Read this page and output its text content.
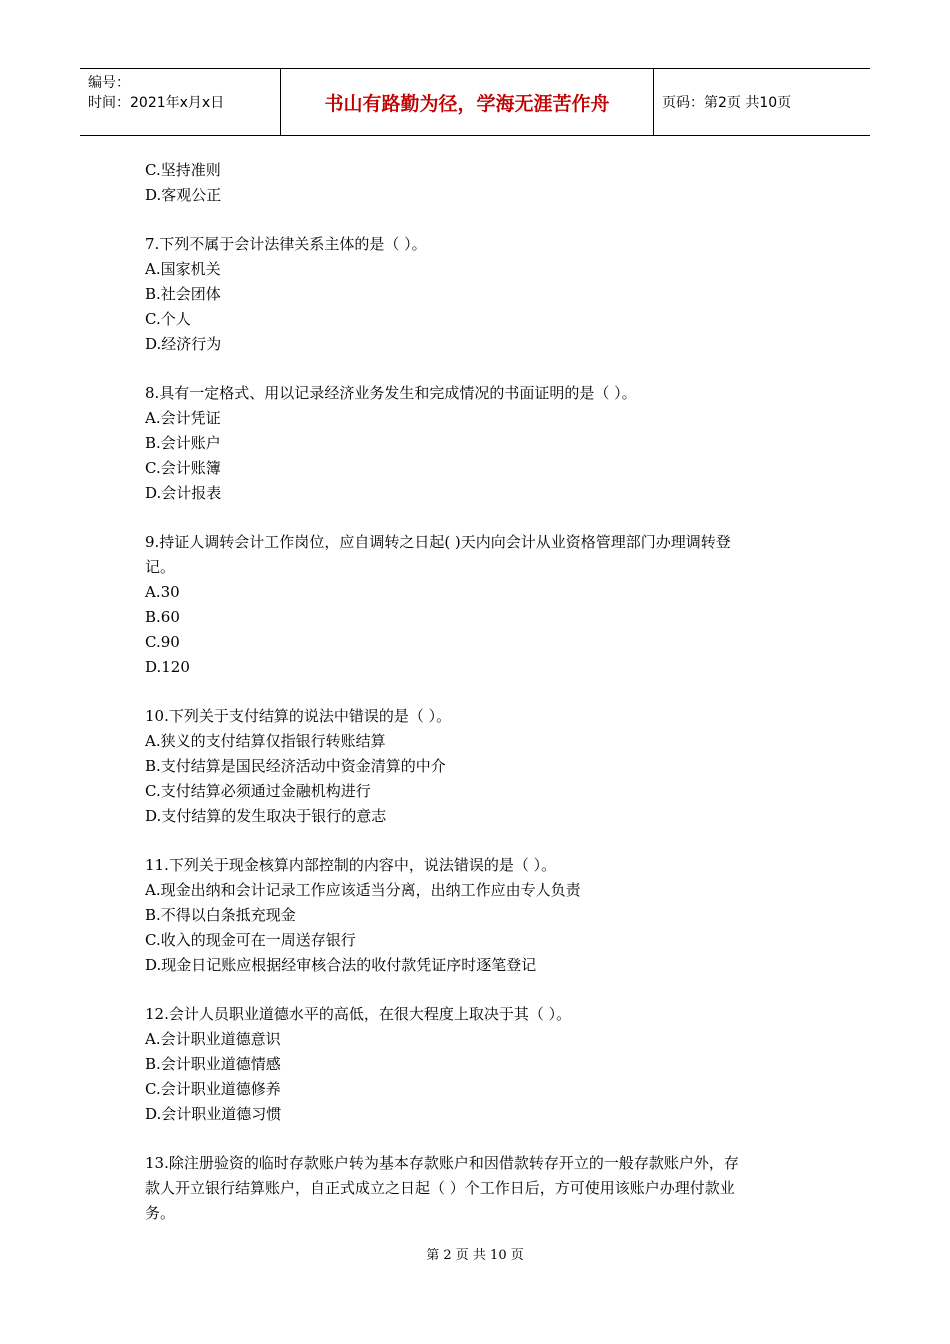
编号：
时间：2021年x月x日	书山有路勤为径，学海无涯苦作舟	页码：第2页 共10页
C.坚持准则
D.客观公正
7.下列不属于会计法律关系主体的是（ ）。
A.国家机关
B.社会团体
C.个人
D.经济行为
8.具有一定格式、用以记录经济业务发生和完成情况的书面证明的是（ ）。
A.会计凭证
B.会计账户
C.会计账簿
D.会计报表
9.持证人调转会计工作岗位，应自调转之日起( )天内向会计从业资格管理部门办理调转登
记。
A.30
B.60
C.90
D.120
10.下列关于支付结算的说法中错误的是（ ）。
A.狭义的支付结算仅指银行转账结算
B.支付结算是国民经济活动中资金清算的中介
C.支付结算必须通过金融机构进行
D.支付结算的发生取决于银行的意志
11.下列关于现金核算内部控制的内容中，说法错误的是（ ）。
A.现金出纳和会计记录工作应该适当分离，出纳工作应由专人负责
B.不得以白条抵充现金
C.收入的现金可在一周送存银行
D.现金日记账应根据经审核合法的收付款凭证序时逐笔登记
12.会计人员职业道德水平的高低，在很大程度上取决于其（ ）。
A.会计职业道德意识
B.会计职业道德情感
C.会计职业道德修养
D.会计职业道德习惯
13.除注册验资的临时存款账户转为基本存款账户和因借款转存开立的一般存款账户外，存
款人开立银行结算账户，自正式成立之日起（ ）个工作日后，方可使用该账户办理付款业
务。
第 2 页 共 10 页
